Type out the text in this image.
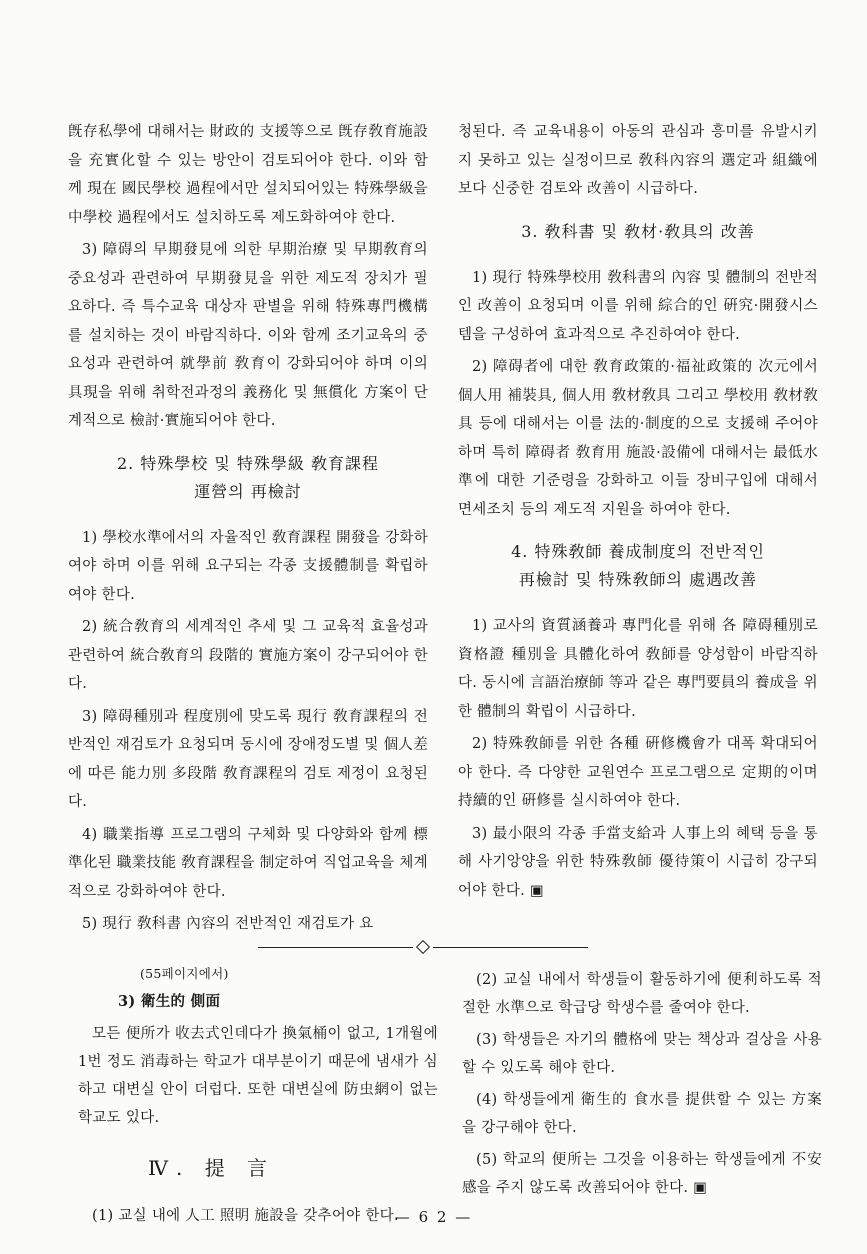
旣存私學에 대해서는 財政的 支援等으로 旣存敎育施設을 充實化할 수 있는 방안이 검토되어야 한다. 이와 함께 現在 國民學校 過程에서만 설치되어있는 特殊學級을 中學校 過程에서도 설치하도록 제도화하여야 한다.

3) 障碍의 早期發見에 의한 早期治療 및 早期敎育의 중요성과 관련하여 早期發見을 위한 제도적 장치가 필요하다. 즉 특수교육 대상자 판별을 위해 特殊專門機構를 설치하는 것이 바람직하다. 이와 함께 조기교육의 중요성과 관련하여 就學前 敎育이 강화되어야 하며 이의 具現을 위해 취학전과정의 義務化 및 無償化 方案이 단계적으로 檢討·實施되어야 한다.

2. 特殊學校 및 特殊學級 敎育課程
運營의 再檢討

1) 學校水準에서의 자율적인 敎育課程 開發을 강화하여야 하며 이를 위해 요구되는 각종 支援體制를 확립하여야 한다.

2) 統合敎育의 세계적인 추세 및 그 교육적 효율성과 관련하여 統合敎育의 段階的 實施方案이 강구되어야 한다.

3) 障碍種別과 程度別에 맞도록 現行 敎育課程의 전반적인 재검토가 요청되며 동시에 장애정도별 및 個人差에 따른 能力別 多段階 敎育課程의 검토 제정이 요청된다.

4) 職業指導 프로그램의 구체화 및 다양화와 함께 標準化된 職業技能 敎育課程을 制定하여 직업교육을 체계적으로 강화하여야 한다.

5) 現行 敎科書 內容의 전반적인 재검토가 요

청된다. 즉 교육내용이 아동의 관심과 흥미를 유발시키지 못하고 있는 실정이므로 敎科內容의 選定과 組織에 보다 신중한 검토와 改善이 시급하다.

3. 敎科書 및 敎材·敎具의 改善

1) 現行 特殊學校用 敎科書의 內容 및 體制의 전반적인 改善이 요청되며 이를 위해 綜合的인 硏究·開發시스템을 구성하여 효과적으로 추진하여야 한다.

2) 障碍者에 대한 敎育政策的·福祉政策的 次元에서 個人用 補裝具, 個人用 敎材敎具 그리고 學校用 敎材敎具 등에 대해서는 이를 法的·制度的으로 支援해 주어야 하며 특히 障碍者 敎育用 施設·設備에 대해서는 最低水準에 대한 기준령을 강화하고 이들 장비구입에 대해서 면세조치 등의 제도적 지원을 하여야 한다.

4. 特殊敎師 養成制度의 전반적인
再檢討 및 特殊敎師의 處遇改善

1) 교사의 資質涵養과 專門化를 위해 各 障碍種別로 資格證 種別을 具體化하여 敎師를 양성함이 바람직하다. 동시에 言語治療師 等과 같은 專門要員의 養成을 위한 體制의 확립이 시급하다.

2) 特殊敎師를 위한 各種 硏修機會가 대폭 확대되어야 한다. 즉 다양한 교원연수 프로그램으로 定期的이며 持續的인 硏修를 실시하여야 한다.

3) 最小限의 각종 手當支給과 人事上의 혜택 등을 통해 사기앙양을 위한 特殊敎師 優待策이 시급히 강구되어야 한다. ▣

(55페이지에서)
3) 衛生的 側面

모든 便所가 收去式인데다가 換氣桶이 없고, 1개월에 1번 정도 消毒하는 학교가 대부분이기 때문에 냄새가 심하고 대변실 안이 더럽다. 또한 대변실에 防虫網이 없는 학교도 있다.

Ⅳ. 提 言

(1) 교실 내에 人工 照明 施設을 갖추어야 한다.

(2) 교실 내에서 학생들이 활동하기에 便利하도록 적절한 水準으로 학급당 학생수를 줄여야 한다.

(3) 학생들은 자기의 體格에 맞는 책상과 걸상을 사용할 수 있도록 해야 한다.

(4) 학생들에게 衛生的 食水를 提供할 수 있는 方案을 강구해야 한다.

(5) 학교의 便所는 그것을 이용하는 학생들에게 不安感을 주지 않도록 改善되어야 한다. ▣

— 6 2 —
